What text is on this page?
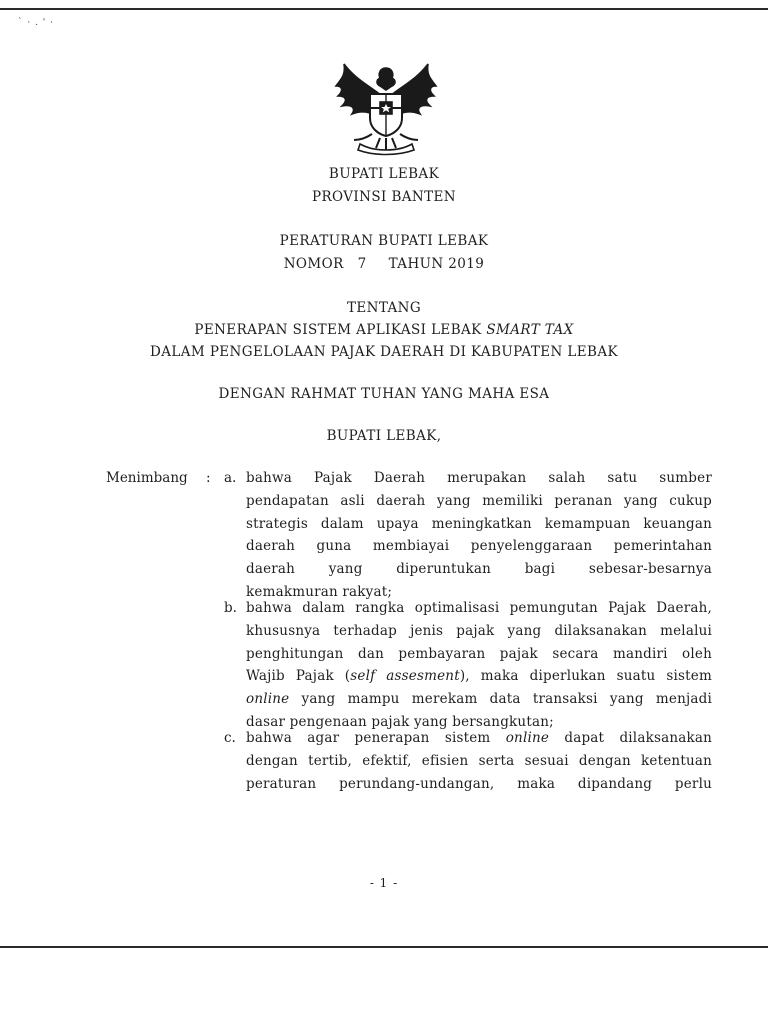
` · . ' ·
BUPATI LEBAK
PROVINSI BANTEN
PERATURAN BUPATI LEBAK
NOMOR 7 TAHUN 2019
TENTANG
PENERAPAN SISTEM APLIKASI LEBAK SMART TAX
DALAM PENGELOLAAN PAJAK DAERAH DI KABUPATEN LEBAK
DENGAN RAHMAT TUHAN YANG MAHA ESA
BUPATI LEBAK,
Menimbang : a. bahwa Pajak Daerah merupakan salah satu sumber
pendapatan asli daerah yang memiliki peranan yang cukup
strategis dalam upaya meningkatkan kemampuan keuangan
daerah guna membiayai penyelenggaraan pemerintahan
daerah yang diperuntukan bagi sebesar-besarnya
kemakmuran rakyat;
b. bahwa dalam rangka optimalisasi pemungutan Pajak Daerah,
khususnya terhadap jenis pajak yang dilaksanakan melalui
penghitungan dan pembayaran pajak secara mandiri oleh
Wajib Pajak (self assesment), maka diperlukan suatu sistem
online yang mampu merekam data transaksi yang menjadi
dasar pengenaan pajak yang bersangkutan;
c. bahwa agar penerapan sistem online dapat dilaksanakan
dengan tertib, efektif, efisien serta sesuai dengan ketentuan
peraturan perundang-undangan, maka dipandang perlu
- 1 -
